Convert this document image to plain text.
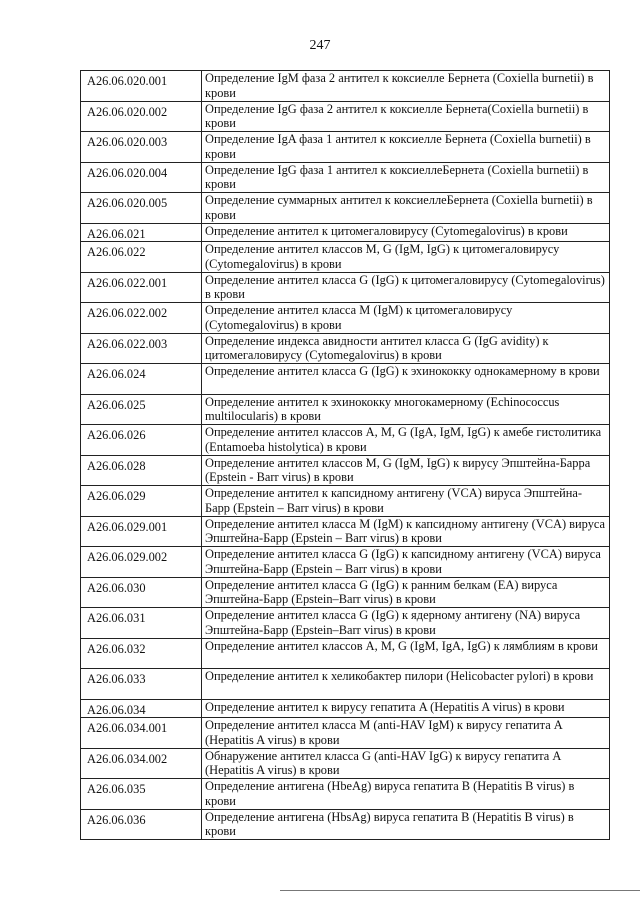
247
A26.06.020.001	Определение IgM фаза 2 антител к коксиелле Бернета (Coxiella burnetii) в крови
A26.06.020.002	Определение IgG фаза 2 антител к коксиелле Бернета(Coxiella burnetii) в крови
A26.06.020.003	Определение IgA фаза 1 антител к коксиелле Бернета (Coxiella burnetii) в крови
A26.06.020.004	Определение IgG фаза 1 антител к коксиеллеБернета (Coxiella burnetii) в крови
A26.06.020.005	Определение суммарных антител к коксиеллеБернета (Coxiella burnetii) в крови
A26.06.021	Определение антител к цитомегаловирусу (Cytomegalovirus) в крови
A26.06.022	Определение антител классов M, G (IgM, IgG) к цитомегаловирусу (Cytomegalovirus) в крови
A26.06.022.001	Определение антител класса G (IgG) к цитомегаловирусу (Cytomegalovirus) в крови
A26.06.022.002	Определение антител класса M (IgM) к цитомегаловирусу (Cytomegalovirus) в крови
A26.06.022.003	Определение индекса авидности антител класса G (IgG avidity) к цитомегаловирусу (Cytomegalovirus) в крови
A26.06.024	Определение антител класса G (IgG) к эхинококку однокамерному в крови
A26.06.025	Определение антител к эхинококку многокамерному (Echinococcus multilocularis) в крови
A26.06.026	Определение антител классов A, M, G (IgA, IgM, IgG) к амебе гистолитика (Entamoeba histolytica) в крови
A26.06.028	Определение антител классов M, G (IgM, IgG) к вирусу Эпштейна-Барра (Epstein - Barr virus) в крови
A26.06.029	Определение антител к капсидному антигену (VCA) вируса Эпштейна-Барр (Epstein – Barr virus) в крови
A26.06.029.001	Определение антител класса M (IgM) к капсидному антигену (VCA) вируса Эпштейна-Барр (Epstein – Barr virus) в крови
A26.06.029.002	Определение антител класса G (IgG) к капсидному антигену (VCA) вируса Эпштейна-Барр (Epstein – Barr virus) в крови
A26.06.030	Определение антител класса G (IgG) к ранним белкам (EA) вируса Эпштейна-Барр (Epstein–Barr virus) в крови
A26.06.031	Определение антител класса G (IgG) к ядерному антигену (NA) вируса Эпштейна-Барр (Epstein–Barr virus) в крови
A26.06.032	Определение антител классов A, M, G (IgM, IgA, IgG) к лямблиям в крови
A26.06.033	Определение антител к хеликобактер пилори (Helicobacter pylori) в крови
A26.06.034	Определение антител к вирусу гепатита A (Hepatitis A virus) в крови
A26.06.034.001	Определение антител класса M (anti-HAV IgM) к вирусу гепатита A (Hepatitis A virus) в крови
A26.06.034.002	Обнаружение антител класса G (anti-HAV IgG) к вирусу гепатита A (Hepatitis A virus) в крови
A26.06.035	Определение антигена (HbeAg) вируса гепатита B (Hepatitis B virus) в крови
A26.06.036	Определение антигена (HbsAg) вируса гепатита B (Hepatitis B virus) в крови
